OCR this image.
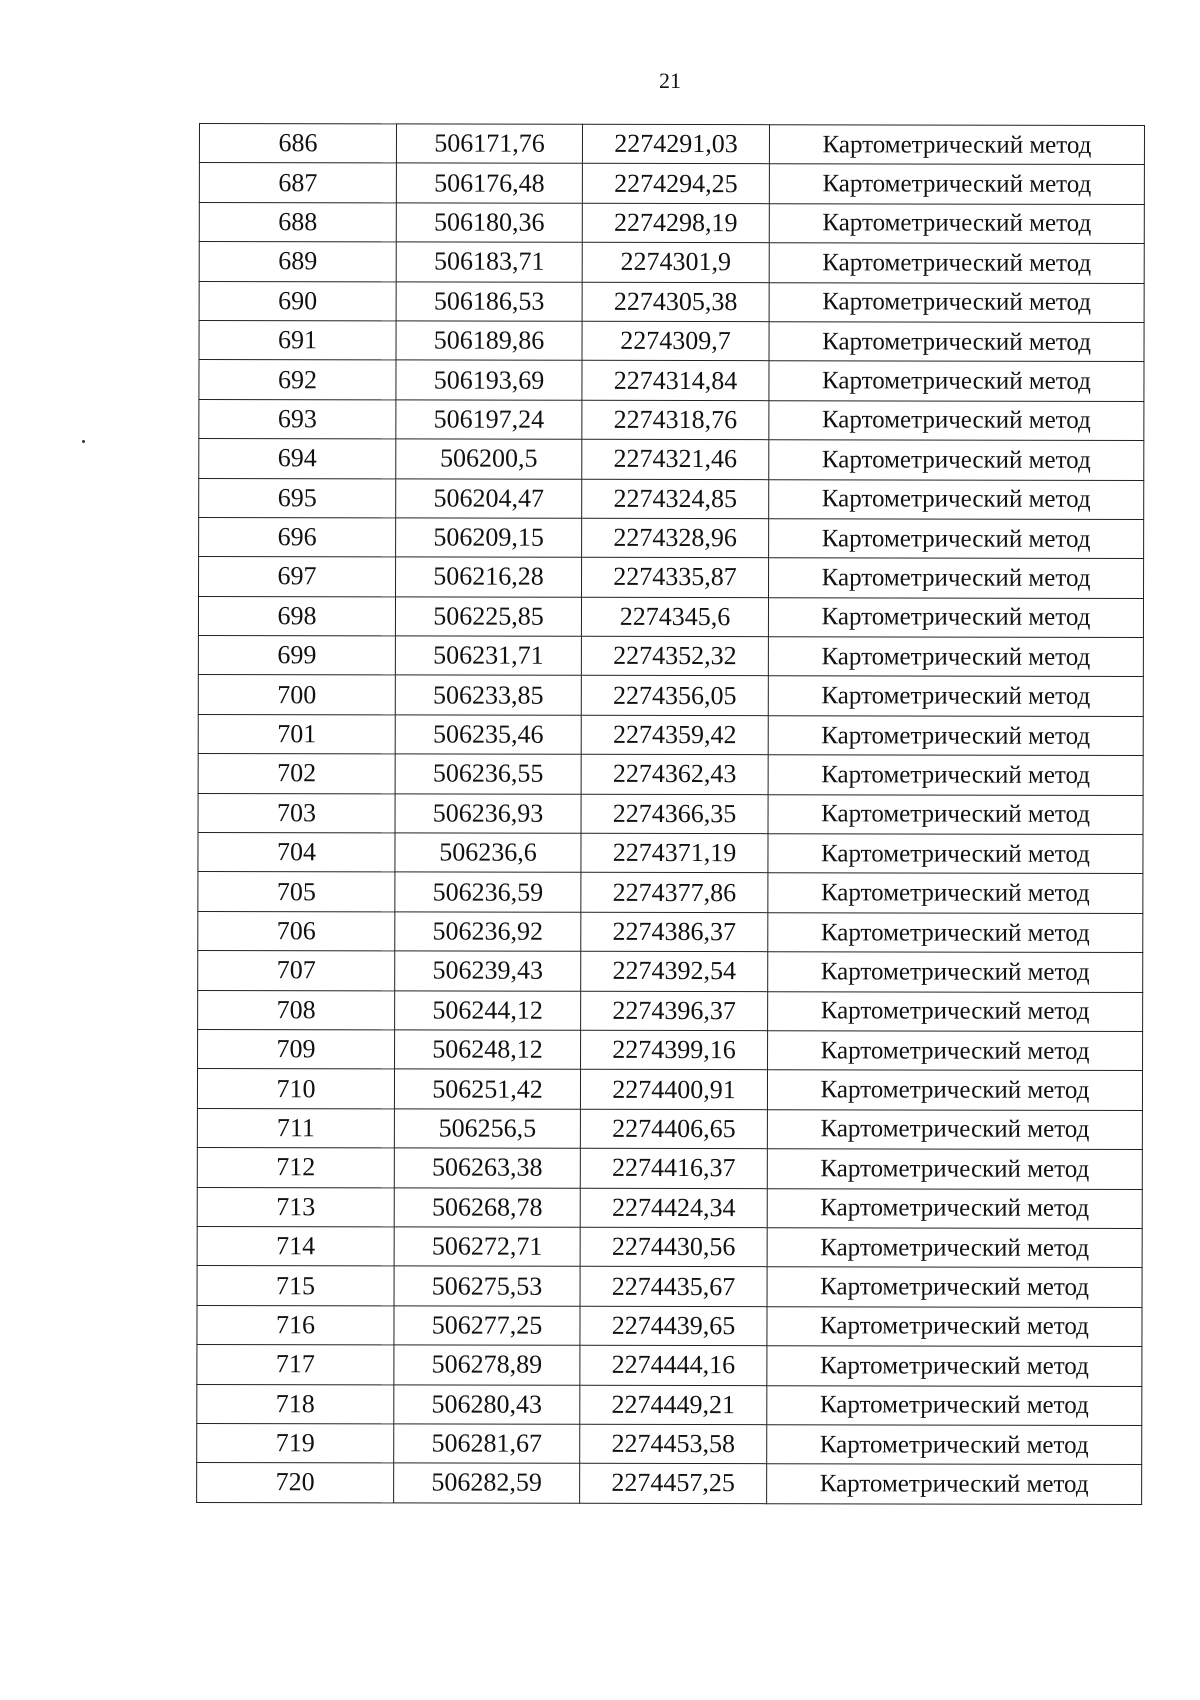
21
686	506171,76	2274291,03	Картометрический метод
687	506176,48	2274294,25	Картометрический метод
688	506180,36	2274298,19	Картометрический метод
689	506183,71	2274301,9	Картометрический метод
690	506186,53	2274305,38	Картометрический метод
691	506189,86	2274309,7	Картометрический метод
692	506193,69	2274314,84	Картометрический метод
693	506197,24	2274318,76	Картометрический метод
694	506200,5	2274321,46	Картометрический метод
695	506204,47	2274324,85	Картометрический метод
696	506209,15	2274328,96	Картометрический метод
697	506216,28	2274335,87	Картометрический метод
698	506225,85	2274345,6	Картометрический метод
699	506231,71	2274352,32	Картометрический метод
700	506233,85	2274356,05	Картометрический метод
701	506235,46	2274359,42	Картометрический метод
702	506236,55	2274362,43	Картометрический метод
703	506236,93	2274366,35	Картометрический метод
704	506236,6	2274371,19	Картометрический метод
705	506236,59	2274377,86	Картометрический метод
706	506236,92	2274386,37	Картометрический метод
707	506239,43	2274392,54	Картометрический метод
708	506244,12	2274396,37	Картометрический метод
709	506248,12	2274399,16	Картометрический метод
710	506251,42	2274400,91	Картометрический метод
711	506256,5	2274406,65	Картометрический метод
712	506263,38	2274416,37	Картометрический метод
713	506268,78	2274424,34	Картометрический метод
714	506272,71	2274430,56	Картометрический метод
715	506275,53	2274435,67	Картометрический метод
716	506277,25	2274439,65	Картометрический метод
717	506278,89	2274444,16	Картометрический метод
718	506280,43	2274449,21	Картометрический метод
719	506281,67	2274453,58	Картометрический метод
720	506282,59	2274457,25	Картометрический метод
